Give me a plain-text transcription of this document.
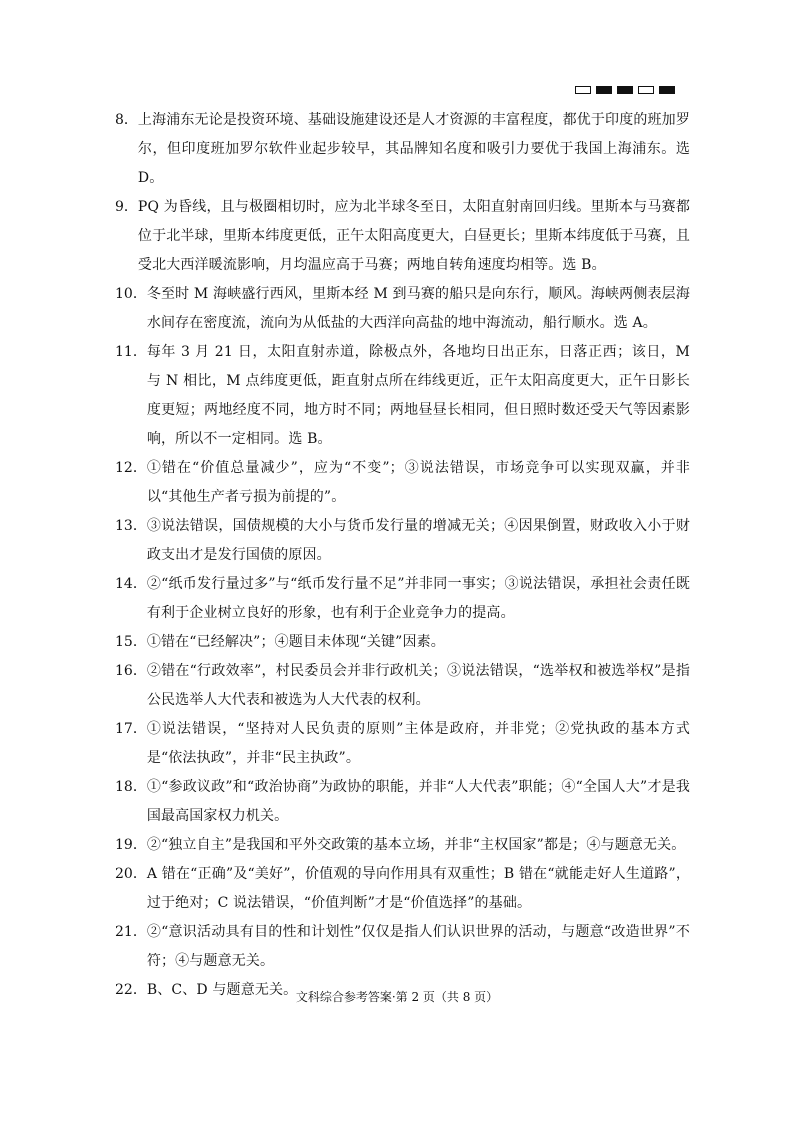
8． 上海浦东无论是投资环境、基础设施建设还是人才资源的丰富程度，都优于印度的班加罗尔，但印度班加罗尔软件业起步较早，其品牌知名度和吸引力要优于我国上海浦东。选 D。
9． PQ 为昏线，且与极圈相切时，应为北半球冬至日，太阳直射南回归线。里斯本与马赛都位于北半球，里斯本纬度更低，正午太阳高度更大，白昼更长；里斯本纬度低于马赛，且受北大西洋暖流影响，月均温应高于马赛；两地自转角速度均相等。选 B。
10． 冬至时 M 海峡盛行西风，里斯本经 M 到马赛的船只是向东行，顺风。海峡两侧表层海水间存在密度流，流向为从低盐的大西洋向高盐的地中海流动，船行顺水。选 A。
11． 每年 3 月 21 日，太阳直射赤道，除极点外，各地均日出正东，日落正西；该日，M 与 N 相比，M 点纬度更低，距直射点所在纬线更近，正午太阳高度更大，正午日影长度更短；两地经度不同，地方时不同；两地昼昼长相同，但日照时数还受天气等因素影响，所以不一定相同。选 B。
12． ①错在“价值总量减少”，应为“不变”；③说法错误，市场竞争可以实现双赢，并非以“其他生产者亏损为前提的”。
13． ③说法错误，国债规模的大小与货币发行量的增减无关；④因果倒置，财政收入小于财政支出才是发行国债的原因。
14． ②“纸币发行量过多”与“纸币发行量不足”并非同一事实；③说法错误，承担社会责任既有利于企业树立良好的形象，也有利于企业竞争力的提高。
15． ①错在“已经解决”；④题目未体现“关键”因素。
16． ②错在“行政效率”，村民委员会并非行政机关；③说法错误，“选举权和被选举权”是指公民选举人大代表和被选为人大代表的权利。
17． ①说法错误，“坚持对人民负责的原则”主体是政府，并非党；②党执政的基本方式是“依法执政”，并非“民主执政”。
18． ①“参政议政”和“政治协商”为政协的职能，并非“人大代表”职能；④“全国人大”才是我国最高国家权力机关。
19． ②“独立自主”是我国和平外交政策的基本立场，并非“主权国家”都是；④与题意无关。
20． A 错在“正确”及“美好”，价值观的导向作用具有双重性；B 错在“就能走好人生道路”，过于绝对；C 说法错误，“价值判断”才是“价值选择”的基础。
21． ②“意识活动具有目的性和计划性”仅仅是指人们认识世界的活动，与题意“改造世界”不符；④与题意无关。
22． B、C、D 与题意无关。
文科综合参考答案·第 2 页（共 8 页）
